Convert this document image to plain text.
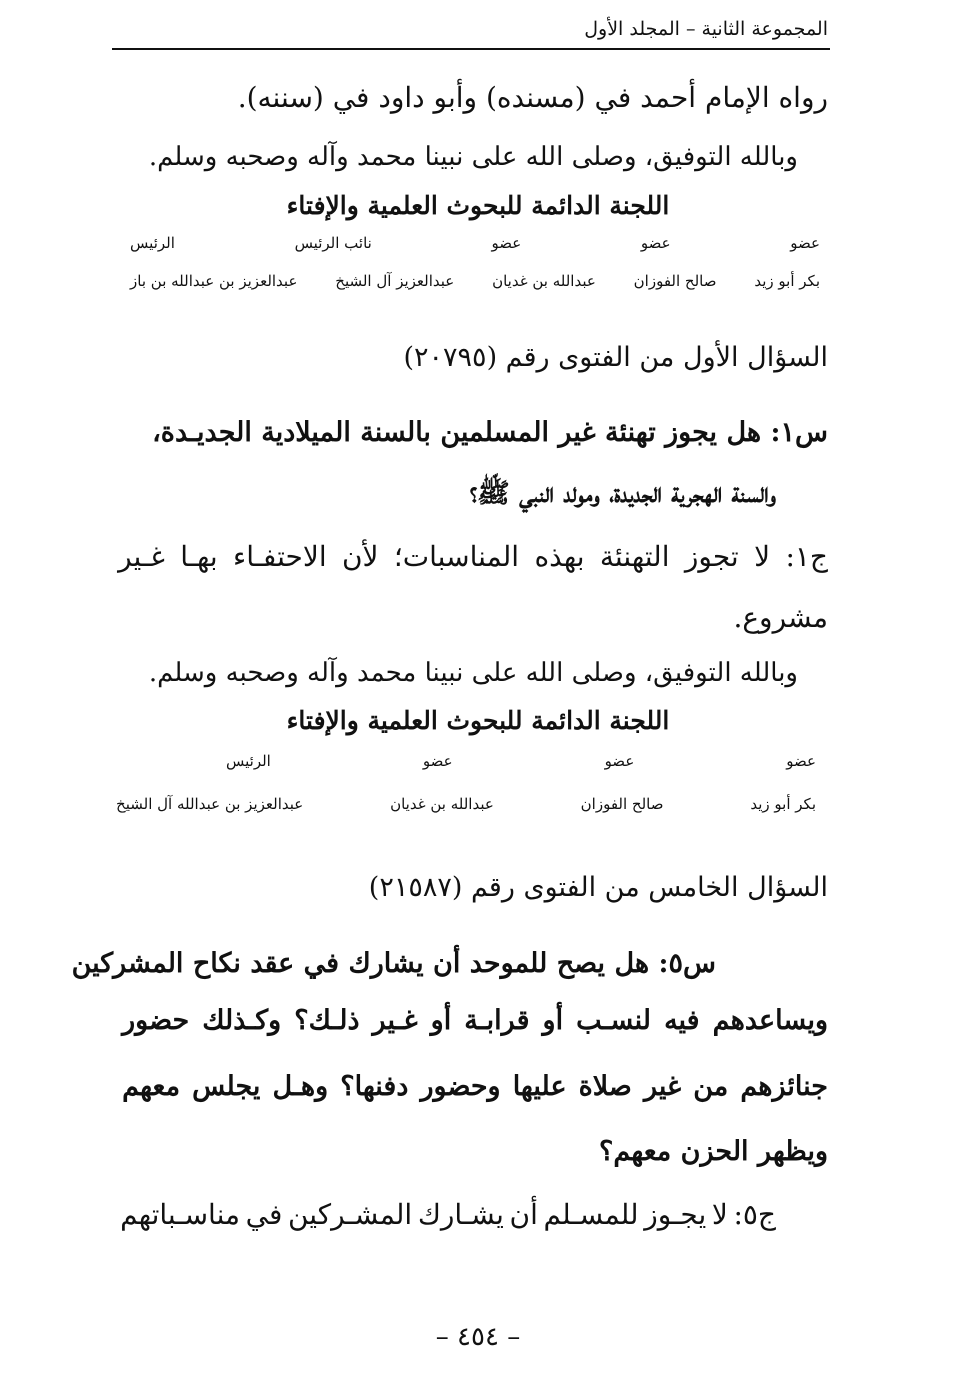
المجموعة الثانية – المجلد الأول
رواه الإمام أحمد في (مسنده) وأبو داود في (سننه).
وبالله التوفيق، وصلى الله على نبينا محمد وآله وصحبه وسلم.
اللجنة الدائمة للبحوث العلمية والإفتاء
عضو
عضو
عضو
نائب الرئيس
الرئيس
بكر أبو زيد
صالح الفوزان
عبدالله بن غديان
عبدالعزيز آل الشيخ
عبدالعزيز بن عبدالله بن باز
السؤال الأول من الفتوى رقم (٢٠٧٩٥)
س١: هل يجوز تهنئة غير المسلمين بالسنة الميلادية الجديـدة،
والسنة الهجرية الجديدة، ومولد النبي ﷺ؟
ج١:
لا
تجوز
التهنئة
بهذه
المناسبات؛
لأن
الاحتفـاء
بهـا
غـير
مشروع.
وبالله التوفيق، وصلى الله على نبينا محمد وآله وصحبه وسلم.
اللجنة الدائمة للبحوث العلمية والإفتاء
عضو
عضو
عضو
الرئيس
بكر أبو زيد
صالح الفوزان
عبدالله بن غديان
عبدالعزيز بن عبدالله آل الشيخ
السؤال الخامس من الفتوى رقم (٢١٥٨٧)
س٥: هل يصح للموحد أن يشارك في عقد نكاح المشركين
ويساعدهم
فيه
لنسـب
أو
قرابـة
أو
غـير
ذلـك؟
وكـذلك
حضور
جنائزهم
من
غير
صلاة
عليها
وحضور
دفنها؟
وهـل
يجلس
معهم
ويظهر الحزن معهم؟
ج٥:
لا
يجـوز
للمسـلم
أن
يشـارك
المشـركين
في
مناسـباتهم
– ٤٥٤ –
